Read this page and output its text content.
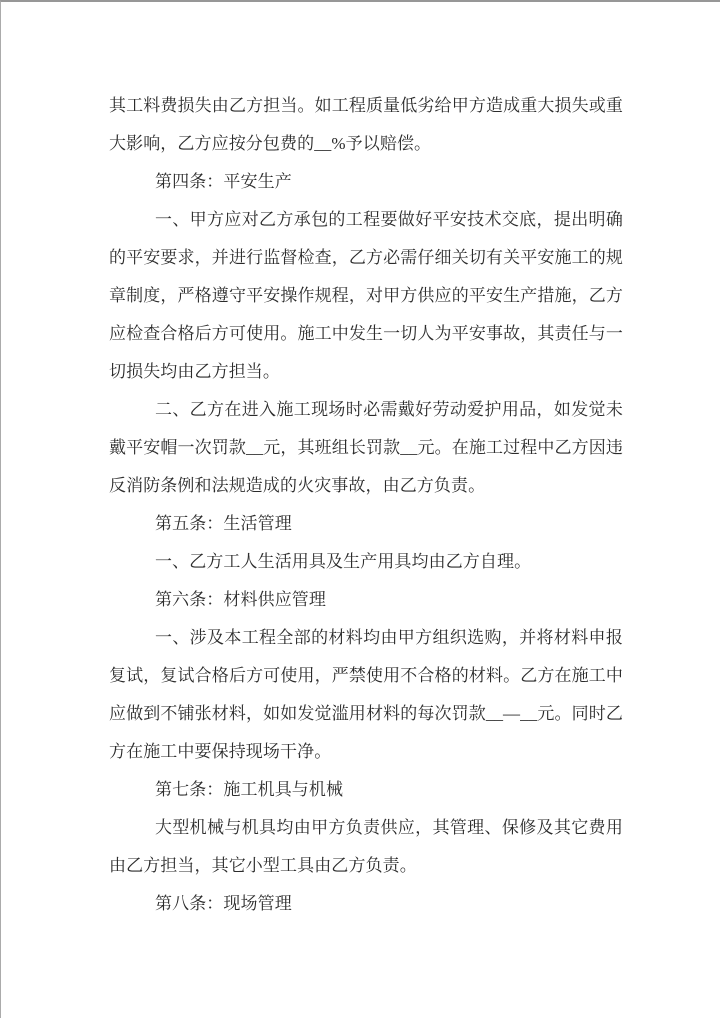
其工料费损失由乙方担当。如工程质量低劣给甲方造成重大损失或重大影响，乙方应按分包费的__%予以赔偿。

第四条：平安生产

一、甲方应对乙方承包的工程要做好平安技术交底，提出明确的平安要求，并进行监督检查，乙方必需仔细关切有关平安施工的规章制度，严格遵守平安操作规程，对甲方供应的平安生产措施，乙方应检查合格后方可使用。施工中发生一切人为平安事故，其责任与一切损失均由乙方担当。

二、乙方在进入施工现场时必需戴好劳动爱护用品，如发觉未戴平安帽一次罚款__元，其班组长罚款__元。在施工过程中乙方因违反消防条例和法规造成的火灾事故，由乙方负责。

第五条：生活管理

一、乙方工人生活用具及生产用具均由乙方自理。

第六条：材料供应管理

一、涉及本工程全部的材料均由甲方组织选购，并将材料申报复试，复试合格后方可使用，严禁使用不合格的材料。乙方在施工中应做到不铺张材料，如如发觉滥用材料的每次罚款__—__元。同时乙方在施工中要保持现场干净。

第七条：施工机具与机械

大型机械与机具均由甲方负责供应，其管理、保修及其它费用由乙方担当，其它小型工具由乙方负责。

第八条：现场管理
